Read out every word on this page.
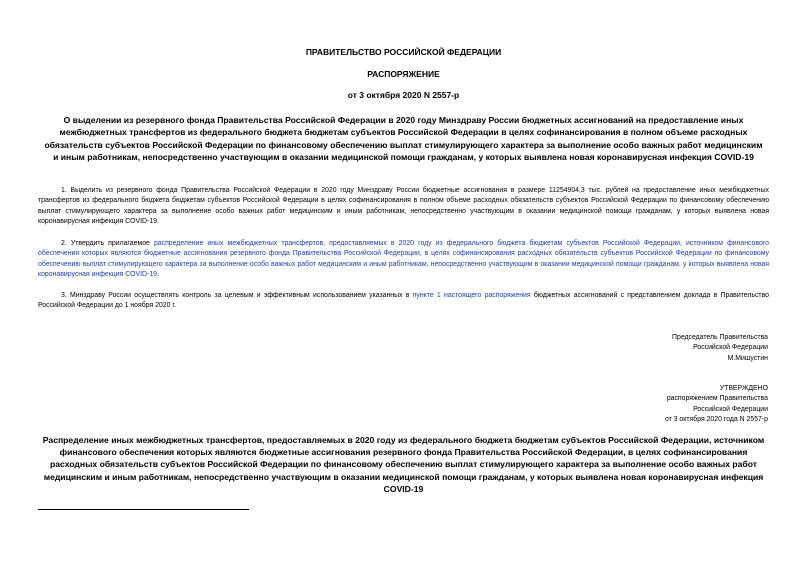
ПРАВИТЕЛЬСТВО РОССИЙСКОЙ ФЕДЕРАЦИИ
РАСПОРЯЖЕНИЕ
от 3 октября 2020 N 2557-р
О выделении из резервного фонда Правительства Российской Федерации в 2020 году Минздраву России бюджетных ассигнований на предоставление иных межбюджетных трансфертов из федерального бюджета бюджетам субъектов Российской Федерации в целях софинансирования в полном объеме расходных обязательств субъектов Российской Федерации по финансовому обеспечению выплат стимулирующего характера за выполнение особо важных работ медицинским и иным работникам, непосредственно участвующим в оказании медицинской помощи гражданам, у которых выявлена новая коронавирусная инфекция COVID-19
1. Выделить из резервного фонда Правительства Российской Федерации в 2020 году Минздраву России бюджетные ассигнования в размере 11254904,3 тыс. рублей на предоставление иных межбюджетных трансфертов из федерального бюджета бюджетам субъектов Российской Федерации в целях софинансирования в полном объеме расходных обязательств субъектов Российской Федерации по финансовому обеспечению выплат стимулирующего характера за выполнение особо важных работ медицинским и иным работникам, непосредственно участвующим в оказании медицинской помощи гражданам, у которых выявлена новая коронавирусная инфекция COVID-19.
2. Утвердить прилагаемое распределение иных межбюджетных трансфертов, предоставляемых в 2020 году из федерального бюджета бюджетам субъектов Российской Федерации, источником финансового обеспечения которых являются бюджетные ассигнования резервного фонда Правительства Российской Федерации, в целях софинансирования расходных обязательств субъектов Российской Федерации по финансовому обеспечению выплат стимулирующего характера за выполнение особо важных работ медицинским и иным работникам, непосредственно участвующим в оказании медицинской помощи гражданам, у которых выявлена новая коронавирусная инфекция COVID-19.
3. Минздраву России осуществлять контроль за целевым и эффективным использованием указанных в пункте 1 настоящего распоряжения бюджетных ассигнований с представлением доклада в Правительство Российской Федерации до 1 ноября 2020 г.
Председатель Правительства
Российской Федерации
М.Мишустин
УТВЕРЖДЕНО
распоряжением Правительства
Российской Федерации
от 3 октября 2020 года N 2557-р
Распределение иных межбюджетных трансфертов, предоставляемых в 2020 году из федерального бюджета бюджетам субъектов Российской Федерации, источником финансового обеспечения которых являются бюджетные ассигнования резервного фонда Правительства Российской Федерации, в целях софинансирования расходных обязательств субъектов Российской Федерации по финансовому обеспечению выплат стимулирующего характера за выполнение особо важных работ медицинским и иным работникам, непосредственно участвующим в оказании медицинской помощи гражданам, у которых выявлена новая коронавирусная инфекция COVID-19
